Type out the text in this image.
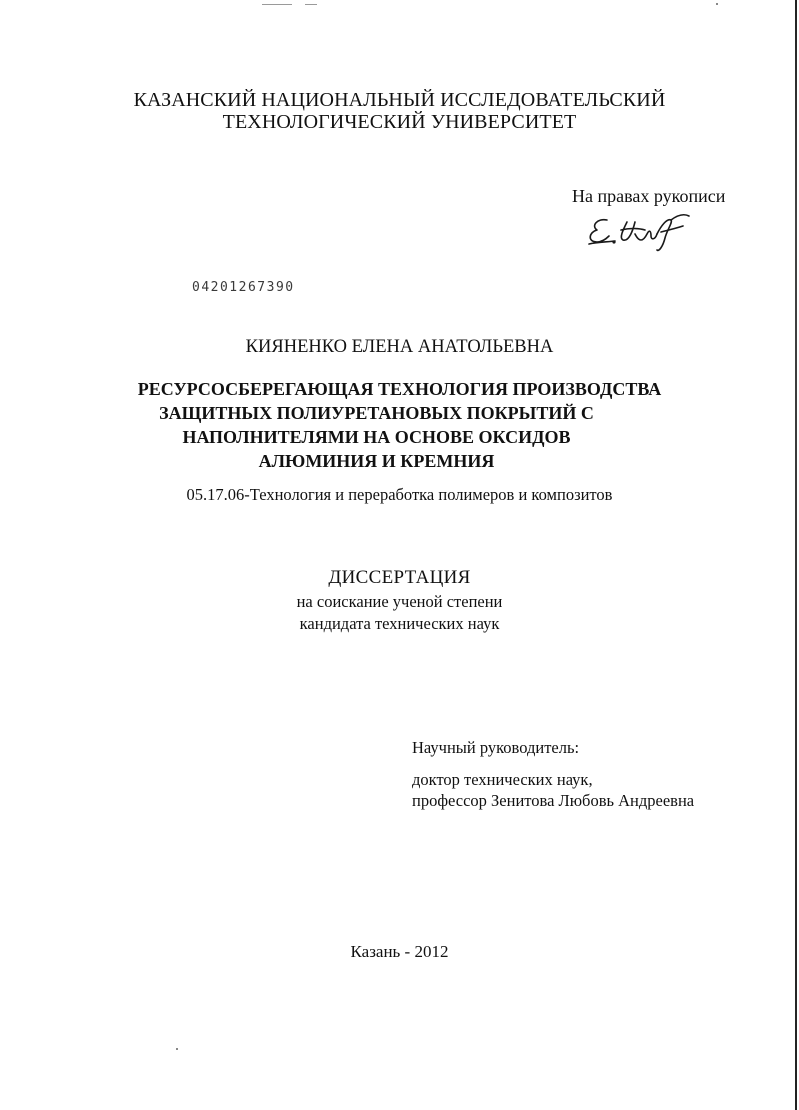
КАЗАНСКИЙ НАЦИОНАЛЬНЫЙ ИССЛЕДОВАТЕЛЬСКИЙ
ТЕХНОЛОГИЧЕСКИЙ УНИВЕРСИТЕТ
На правах рукописи
04201267390
КИЯНЕНКО ЕЛЕНА АНАТОЛЬЕВНА
РЕСУРСОСБЕРЕГАЮЩАЯ ТЕХНОЛОГИЯ ПРОИЗВОДСТВА
ЗАЩИТНЫХ ПОЛИУРЕТАНОВЫХ ПОКРЫТИЙ С
НАПОЛНИТЕЛЯМИ НА ОСНОВЕ ОКСИДОВ
АЛЮМИНИЯ И КРЕМНИЯ
05.17.06-Технология и переработка полимеров и композитов
ДИССЕРТАЦИЯ
на соискание ученой степени
кандидата технических наук
Научный руководитель:
доктор технических наук,
профессор Зенитова Любовь Андреевна
Казань - 2012
